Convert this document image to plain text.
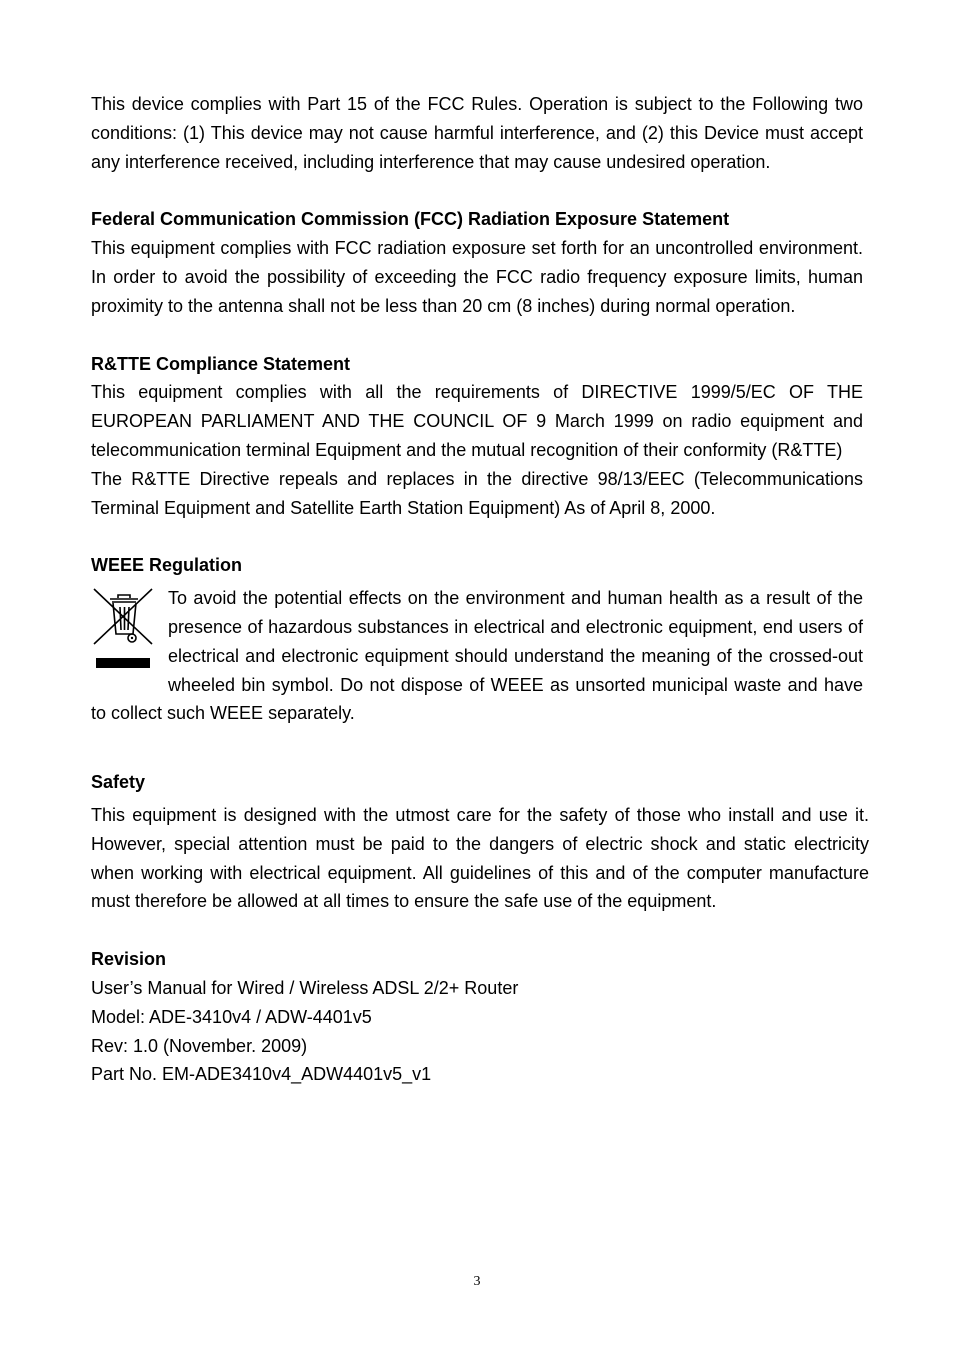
This device complies with Part 15 of the FCC Rules. Operation is subject to the Following two conditions: (1) This device may not cause harmful interference, and (2) this Device must accept any interference received, including interference that may cause undesired operation.

Federal Communication Commission (FCC) Radiation Exposure Statement

This equipment complies with FCC radiation exposure set forth for an uncontrolled environment. In order to avoid the possibility of exceeding the FCC radio frequency exposure limits, human proximity to the antenna shall not be less than 20 cm (8 inches) during normal operation.

R&TTE Compliance Statement

This equipment complies with all the requirements of DIRECTIVE 1999/5/EC OF THE EUROPEAN PARLIAMENT AND THE COUNCIL OF 9 March 1999 on radio equipment and telecommunication terminal Equipment and the mutual recognition of their conformity (R&TTE)

The R&TTE Directive repeals and replaces in the directive 98/13/EEC (Telecommunications Terminal Equipment and Satellite Earth Station Equipment) As of April 8, 2000.

WEEE Regulation

To avoid the potential effects on the environment and human health as a result of the presence of hazardous substances in electrical and electronic equipment, end users of electrical and electronic equipment should understand the meaning of the crossed-out wheeled bin symbol. Do not dispose of WEEE as unsorted municipal waste and have to collect such WEEE separately.

Safety

This equipment is designed with the utmost care for the safety of those who install and use it. However, special attention must be paid to the dangers of electric shock and static electricity when working with electrical equipment. All guidelines of this and of the computer manufacture must therefore be allowed at all times to ensure the safe use of the equipment.

Revision
User’s Manual for Wired / Wireless ADSL 2/2+ Router
Model: ADE-3410v4 / ADW-4401v5
Rev: 1.0 (November. 2009)
Part No. EM-ADE3410v4_ADW4401v5_v1
3
